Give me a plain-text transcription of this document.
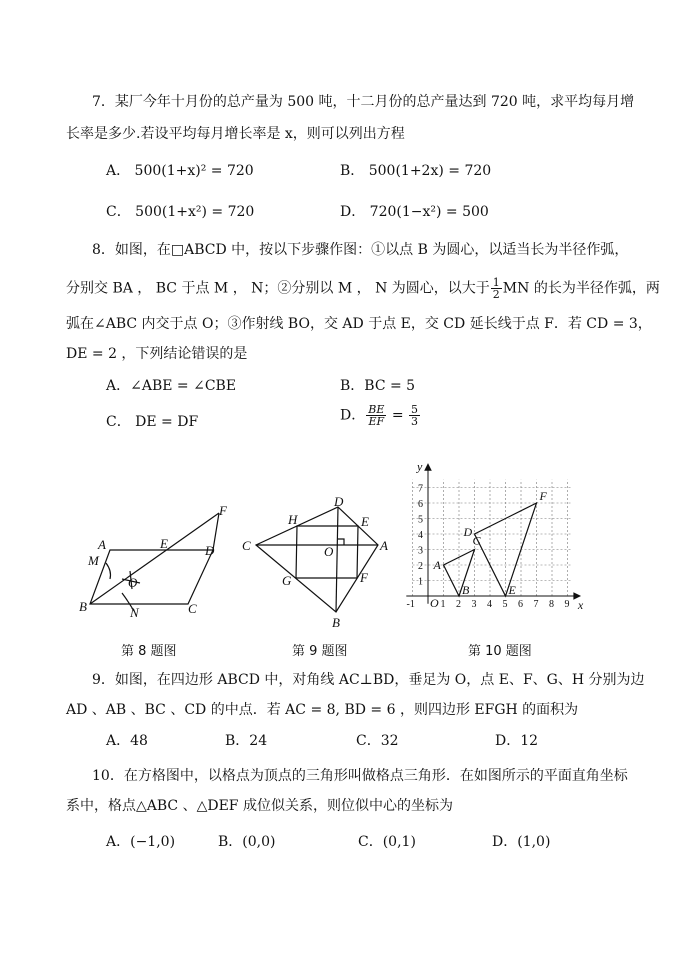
7．某厂今年十月份的总产量为 500 吨，十二月份的总产量达到 720 吨，求平均每月增
长率是多少.若设平均每月增长率是 x，则可以列出方程
A． 500(1+x)² = 720	B． 500(1+2x) = 720
C． 500(1+x²) = 720	D． 720(1−x²) = 500
8．如图，在□ABCD 中，按以下步骤作图：①以点 B 为圆心，以适当长为半径作弧，
分别交 BA ， BC 于点 M ， N；②分别以 M ， N 为圆心，以大于 $\frac{1}{2}$ MN 的长为半径作弧，两
弧在∠ABC 内交于点 O；③作射线 BO，交 AD 于点 E，交 CD 延长线于点 F．若 CD = 3，
DE = 2 ，下列结论错误的是
A．∠ABE = ∠CBE	B．BC = 5
C． DE = DF	D． $\frac{BE}{EF} = \frac{5}{3}$
A
M
E	D
F
O
B	N	C
第 8 题图
D
H	E
C	O	A
G	F
B
第 9 题图
-1	1 2 3 4 5 6 7 8 9
1
2
3
4
5
6
7
O	x
y
A
B
C
D
E
F
第 10 题图
9．如图，在四边形 ABCD 中，对角线 AC⊥BD，垂足为 O，点 E、F、G、H 分别为边
AD 、AB 、BC 、CD 的中点．若 AC = 8, BD = 6 ，则四边形 EFGH 的面积为
A．48	B．24	C．32	D．12
10．在方格图中，以格点为顶点的三角形叫做格点三角形．在如图所示的平面直角坐标
系中，格点△ABC 、△DEF 成位似关系，则位似中心的坐标为
A．(−1,0)	B．(0,0)	C．(0,1)	D．(1,0)
